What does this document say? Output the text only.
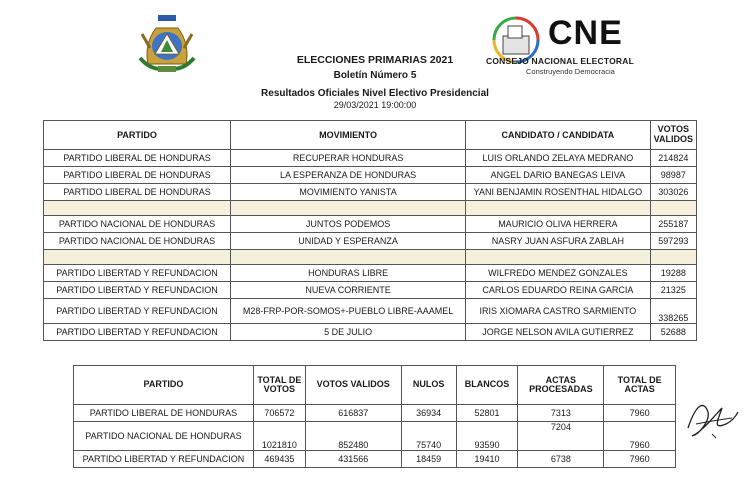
CNE
CONSEJO NACIONAL ELECTORAL
Construyendo Democracia
ELECCIONES PRIMARIAS 2021
Boletín Número 5
Resultados Oficiales Nivel Electivo Presidencial
29/03/2021 19:00:00
PARTIDO	MOVIMIENTO	CANDIDATO / CANDIDATA	VOTOS VALIDOS
PARTIDO LIBERAL DE HONDURAS	RECUPERAR HONDURAS	LUIS ORLANDO ZELAYA MEDRANO	214824
PARTIDO LIBERAL DE HONDURAS	LA ESPERANZA DE HONDURAS	ANGEL DARIO BANEGAS LEIVA	98987
PARTIDO LIBERAL DE HONDURAS	MOVIMIENTO YANISTA	YANI BENJAMIN ROSENTHAL HIDALGO	303026

PARTIDO NACIONAL DE HONDURAS	JUNTOS PODEMOS	MAURICIO OLIVA HERRERA	255187
PARTIDO NACIONAL DE HONDURAS	UNIDAD Y ESPERANZA	NASRY JUAN ASFURA ZABLAH	597293

PARTIDO LIBERTAD Y REFUNDACION	HONDURAS LIBRE	WILFREDO MENDEZ GONZALES	19288
PARTIDO LIBERTAD Y REFUNDACION	NUEVA CORRIENTE	CARLOS EDUARDO REINA GARCIA	21325
PARTIDO LIBERTAD Y REFUNDACION	M28-FRP-POR-SOMOS+-PUEBLO LIBRE-AAAMEL	IRIS XIOMARA CASTRO SARMIENTO	338265
PARTIDO LIBERTAD Y REFUNDACION	5 DE JULIO	JORGE NELSON AVILA GUTIERREZ	52688
PARTIDO	TOTAL DE VOTOS	VOTOS VALIDOS	NULOS	BLANCOS	ACTAS PROCESADAS	TOTAL DE ACTAS
PARTIDO LIBERAL DE HONDURAS	706572	616837	36934	52801	7313	7960
PARTIDO NACIONAL DE HONDURAS	1021810	852480	75740	93590	7204	7960
PARTIDO LIBERTAD Y REFUNDACION	469435	431566	18459	19410	6738	7960
